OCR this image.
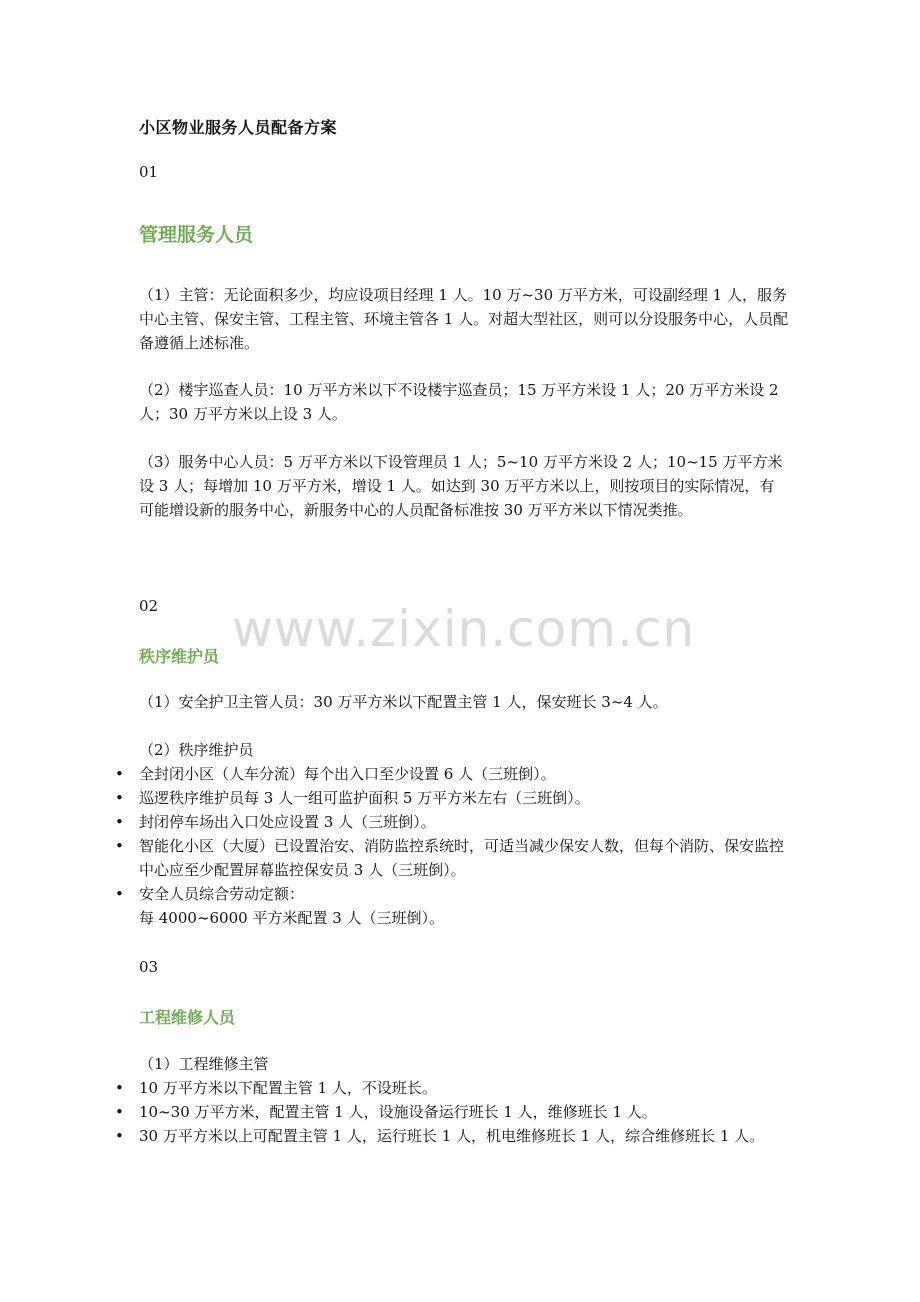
小区物业服务人员配备方案
01
管理服务人员
（1）主管：无论面积多少，均应设项目经理 1 人。10 万~30 万平方米，可设副经理 1 人，服务中心主管、保安主管、工程主管、环境主管各 1 人。对超大型社区，则可以分设服务中心，人员配备遵循上述标准。
（2）楼宇巡查人员：10 万平方米以下不设楼宇巡查员；15 万平方米设 1 人；20 万平方米设 2 人；30 万平方米以上设 3 人。
（3）服务中心人员：5 万平方米以下设管理员 1 人；5~10 万平方米设 2 人；10~15 万平方米设 3 人；每增加 10 万平方米，增设 1 人。如达到 30 万平方米以上，则按项目的实际情况，有可能增设新的服务中心，新服务中心的人员配备标准按 30 万平方米以下情况类推。
02
秩序维护员
（1）安全护卫主管人员：30 万平方米以下配置主管 1 人，保安班长 3~4 人。
（2）秩序维护员
• 全封闭小区（人车分流）每个出入口至少设置 6 人（三班倒）。
• 巡逻秩序维护员每 3 人一组可监护面积 5 万平方米左右（三班倒）。
• 封闭停车场出入口处应设置 3 人（三班倒）。
• 智能化小区（大厦）已设置治安、消防监控系统时，可适当减少保安人数，但每个消防、保安监控中心应至少配置屏幕监控保安员 3 人（三班倒）。
• 安全人员综合劳动定额：
每 4000~6000 平方米配置 3 人（三班倒）。
03
工程维修人员
（1）工程维修主管
• 10 万平方米以下配置主管 1 人，不设班长。
• 10~30 万平方米，配置主管 1 人，设施设备运行班长 1 人，维修班长 1 人。
• 30 万平方米以上可配置主管 1 人，运行班长 1 人，机电维修班长 1 人，综合维修班长 1 人。
www.zixin.com.cn
